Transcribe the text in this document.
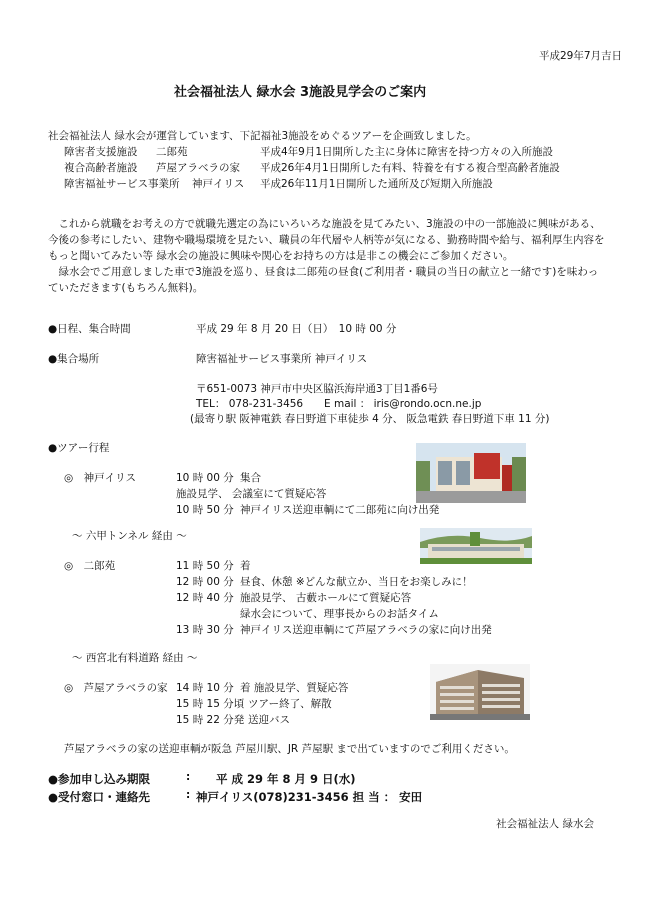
平成29年7月吉日
社会福祉法人 緑水会 3施設見学会のご案内
社会福祉法人 緑水会が運営しています、下記福祉3施設をめぐるツアーを企画致しました。
障害者支援施設 二郎苑	平成4年9月1日開所した主に身体に障害を持つ方々の入所施設
複合高齢者施設 芦屋アラベラの家 平成26年4月1日開所した有料、特養を有する複合型高齢者施設
障害福祉サービス事業所 神戸イリス 平成26年11月1日開所した通所及び短期入所施設
これから就職をお考えの方で就職先選定の為にいろいろな施設を見てみたい、3施設の中の一部施設に興味がある、今後の参考にしたい、建物や職場環境を見たい、職員の年代層や人柄等が気になる、勤務時間や給与、福利厚生内容をもっと聞いてみたい等 緑水会の施設に興味や関心をお持ちの方は是非この機会にご参加ください。
緑水会でご用意しました車で3施設を巡り、昼食は二郎苑の昼食(ご利用者・職員の当日の献立と一緒です)を味わっていただきます(もちろん無料)。
●日程、集合時間	平成 29 年 8 月 20 日（日）　10 時 00 分
●集合場所	障害福祉サービス事業所 神戸イリス
〒651-0073 神戸市中央区脇浜海岸通3丁目1番6号
TEL： 078-231-3456 E mail ： iris@rondo.ocn.ne.jp
(最寄り駅 阪神電鉄 春日野道下車徒歩 4 分、 阪急電鉄 春日野道下車 11 分)
●ツアー行程
◎　神戸イリス	10 時 00 分 集合
施設見学、 会議室にて質疑応答
10 時 50 分 神戸イリス送迎車輌にて二郎苑に向け出発
～ 六甲トンネル 経由 ～
◎　二郎苑	11 時 50 分 着
12 時 00 分 昼食、休憩 ※どんな献立か、当日をお楽しみに！
12 時 40 分 施設見学、 古藪ホールにて質疑応答
緑水会について、理事長からのお話タイム
13 時 30 分 神戸イリス送迎車輌にて芦屋アラベラの家に向け出発
～ 西宮北有料道路 経由 ～
◎　芦屋アラベラの家 14 時 10 分 着 施設見学、質疑応答
15 時 15 分頃 ツアー終了、解散
15 時 22 分発 送迎バス
芦屋アラベラの家の送迎車輌が阪急 芦屋川駅、JR 芦屋駅 まで出ていますのでご利用ください。
●参加申し込み期限	: 平 成 29 年 8 月 9 日(水)
●受付窓口・連絡先	: 神戸イリス(078)231-3456 担 当 ： 安田
社会福祉法人 緑水会
